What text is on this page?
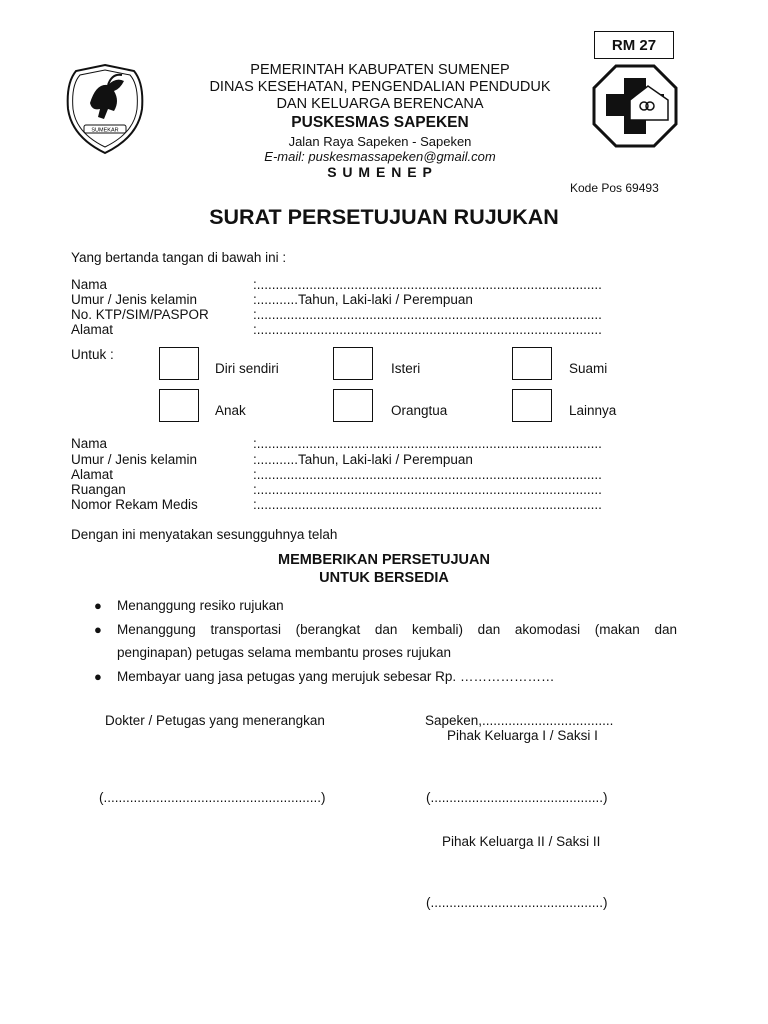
RM 27
SUMEKAR
PEMERINTAH KABUPATEN SUMENEP
DINAS KESEHATAN, PENGENDALIAN PENDUDUK
DAN KELUARGA BERENCANA
PUSKESMAS SAPEKEN
Jalan Raya Sapeken - Sapeken
E-mail: puskesmassapeken@gmail.com
S U M E N E P
Kode Pos 69493
SURAT PERSETUJUAN RUJUKAN
Yang bertanda tangan di bawah ini :
Nama	:............................................................................................
Umur / Jenis kelamin	:...........Tahun, Laki-laki / Perempuan
No. KTP/SIM/PASPOR	:............................................................................................
Alamat	:............................................................................................
Untuk :
Diri sendiri	Isteri	Suami
Anak	Orangtua	Lainnya
Nama	:............................................................................................
Umur / Jenis kelamin	:...........Tahun, Laki-laki / Perempuan
Alamat	:............................................................................................
Ruangan	:............................................................................................
Nomor Rekam Medis	:............................................................................................
Dengan ini menyatakan sesungguhnya telah
MEMBERIKAN PERSETUJUAN
UNTUK BERSEDIA
● Menanggung resiko rujukan
● Menanggung transportasi (berangkat dan kembali) dan akomodasi (makan dan
penginapan) petugas selama membantu proses rujukan
● Membayar uang jasa petugas yang merujuk sebesar Rp. …………………
Dokter / Petugas yang menerangkan	Sapeken,...................................
Pihak Keluarga I / Saksi I
(..........................................................)	(..............................................)
Pihak Keluarga II / Saksi II
(..............................................)
